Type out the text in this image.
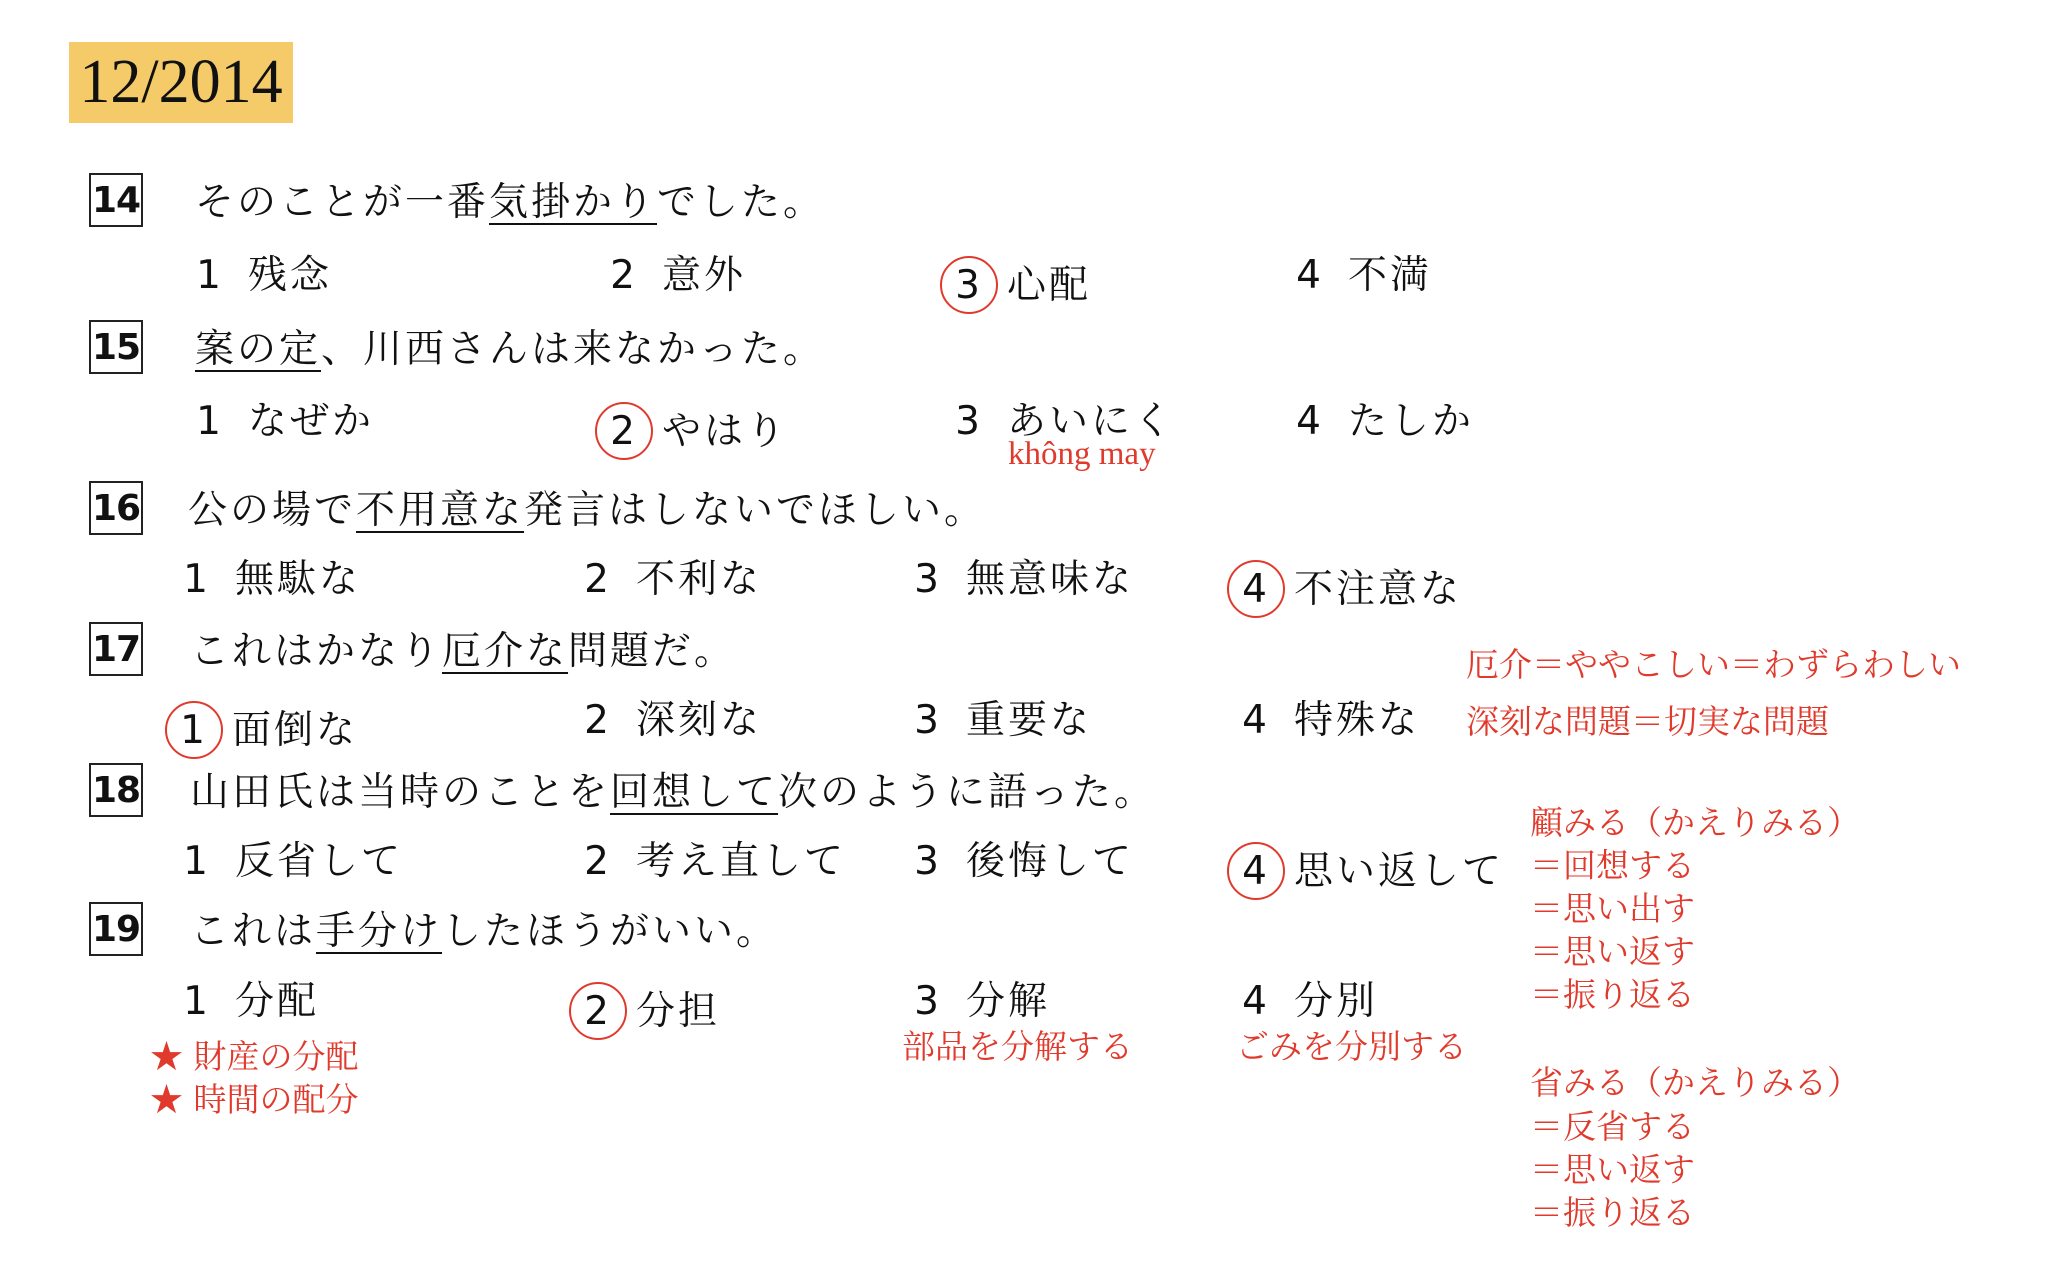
12/2014
14 そのことが一番気掛かりでした。
1 残念	2 意外	3 心配	4 不満
15 案の定、川西さんは来なかった。
1 なぜか	2 やはり	3 あいにく	4 たしか
không may
16 公の場で不用意な発言はしないでほしい。
1 無駄な	2 不利な	3 無意味な	4 不注意な
17 これはかなり厄介な問題だ。
1 面倒な	2 深刻な	3 重要な	4 特殊な
厄介＝ややこしい＝わずらわしい
深刻な問題＝切実な問題
18 山田氏は当時のことを回想して次のように語った。
1 反省して	2 考え直して 3 後悔して	4 思い返して
顧みる（かえりみる）
＝回想する
＝思い出す
＝思い返す
＝振り返る
省みる（かえりみる）
＝反省する
＝思い返す
＝振り返る
19 これは手分けしたほうがいい。
1 分配	2 分担	3 分解	4 分別
★ 財産の分配
★ 時間の配分
部品を分解する	ごみを分別する
